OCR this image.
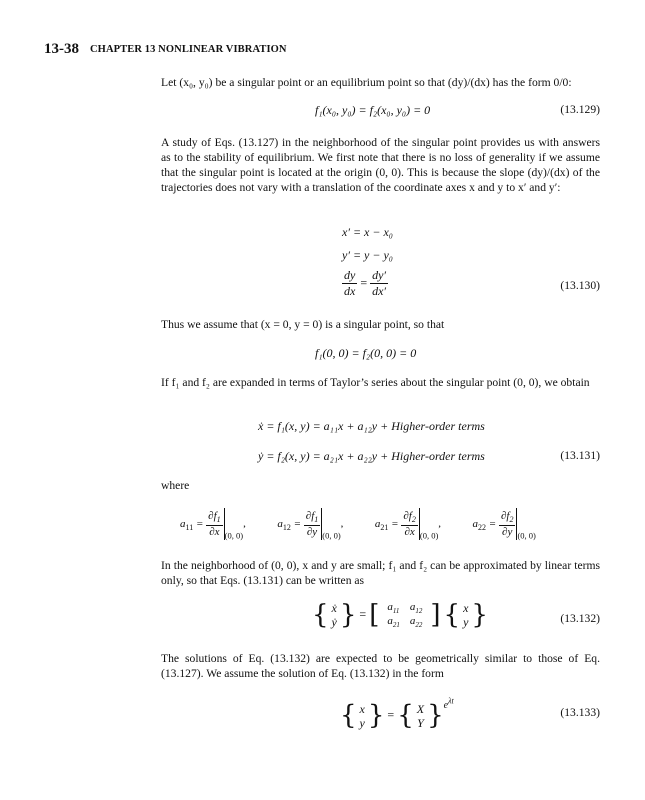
13-38 CHAPTER 13 NONLINEAR VIBRATION
Let (x₀, y₀) be a singular point or an equilibrium point so that (dy)/(dx) has the form 0/0:
f₁(x₀, y₀) = f₂(x₀, y₀) = 0	(13.129)
A study of Eqs. (13.127) in the neighborhood of the singular point provides us with answers as to the stability of equilibrium. We first note that there is no loss of generality if we assume that the singular point is located at the origin (0, 0). This is because the slope (dy)/(dx) of the trajectories does not vary with a translation of the coordinate axes x and y to x′ and y′:
x′ = x − x₀
y′ = y − y₀
$\frac{dy}{dx} = \frac{dy'}{dx'}$	(13.130)
Thus we assume that (x = 0, y = 0) is a singular point, so that
f₁(0, 0) = f₂(0, 0) = 0
If f₁ and f₂ are expanded in terms of Taylor’s series about the singular point (0, 0), we obtain
ẋ = f₁(x, y) = a₁₁x + a₁₂y + Higher-order terms
ẏ = f₂(x, y) = a₂₁x + a₂₂y + Higher-order terms	(13.131)
where
$a_{11} = \frac{\partial f_1}{\partial x} _{(0, 0)}$,	$a_{12} = \frac{\partial f_1}{\partial y} _{(0, 0)}$,	$a_{21} = \frac{\partial f_2}{\partial x} _{(0, 0)}$,	$a_{22} = \frac{\partial f_2}{\partial y} _{(0, 0)}$
In the neighborhood of (0, 0), x and y are small; f₁ and f₂ can be approximated by linear terms only, so that Eqs. (13.131) can be written as
{ ẋ
ẏ } = [ $a_{11}$	$a_{12}$
$a_{21}$	$a_{22}$ ] { x
y }	(13.132)
The solutions of Eq. (13.132) are expected to be geometrically similar to those of Eq. (13.127). We assume the solution of Eq. (13.132) in the form
{ x
y } = { X
Y }$^{e^{\lambda t}}$
(13.133)
